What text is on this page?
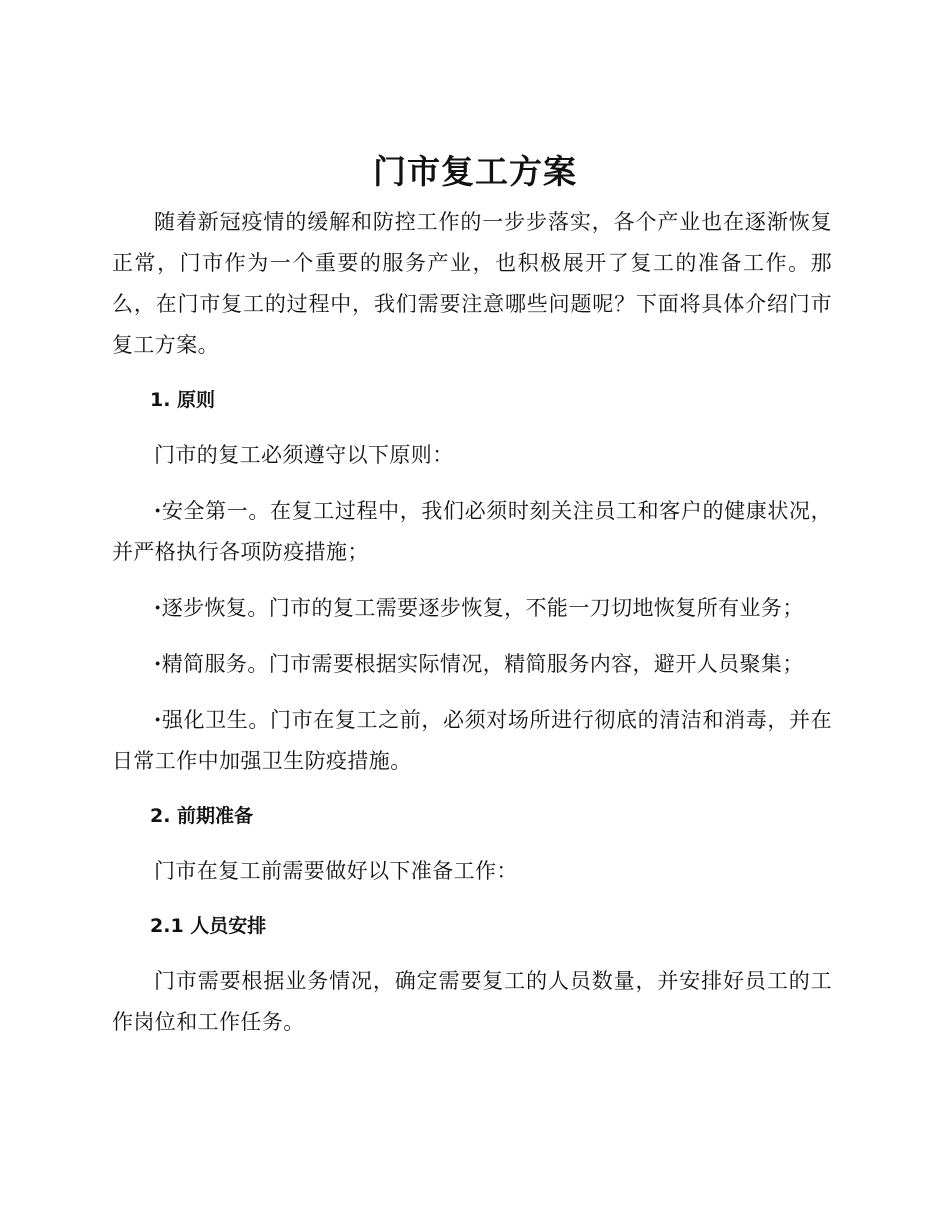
门市复工方案

随着新冠疫情的缓解和防控工作的一步步落实，各个产业也在逐渐恢复正常，门市作为一个重要的服务产业，也积极展开了复工的准备工作。那么，在门市复工的过程中，我们需要注意哪些问题呢？下面将具体介绍门市复工方案。

1. 原则

门市的复工必须遵守以下原则：

·安全第一。在复工过程中，我们必须时刻关注员工和客户的健康状况，并严格执行各项防疫措施；

·逐步恢复。门市的复工需要逐步恢复，不能一刀切地恢复所有业务；

·精简服务。门市需要根据实际情况，精简服务内容，避开人员聚集；

·强化卫生。门市在复工之前，必须对场所进行彻底的清洁和消毒，并在日常工作中加强卫生防疫措施。

2. 前期准备

门市在复工前需要做好以下准备工作：

2.1 人员安排

门市需要根据业务情况，确定需要复工的人员数量，并安排好员工的工作岗位和工作任务。
